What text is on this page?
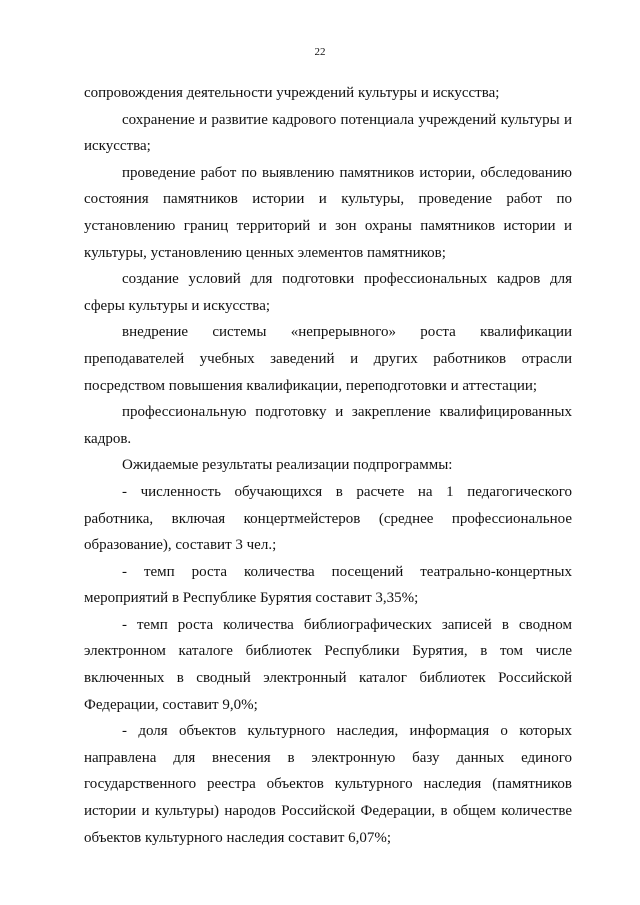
22

сопровождения деятельности учреждений культуры и искусства;

сохранение и развитие кадрового потенциала учреждений культуры и искусства;

проведение работ по выявлению памятников истории, обследованию состояния памятников истории и культуры, проведение работ по установлению границ территорий и зон охраны памятников истории и культуры, установлению ценных элементов памятников;

создание условий для подготовки профессиональных кадров для сферы культуры и искусства;

внедрение системы «непрерывного» роста квалификации преподавателей учебных заведений и других работников отрасли посредством повышения квалификации, переподготовки и аттестации;

профессиональную подготовку и закрепление квалифицированных кадров.

Ожидаемые результаты реализации подпрограммы:

- численность обучающихся в расчете на 1 педагогического работника, включая концертмейстеров (среднее профессиональное образование), составит 3 чел.;

- темп роста количества посещений театрально-концертных мероприятий в Республике Бурятия составит 3,35%;

- темп роста количества библиографических записей в сводном электронном каталоге библиотек Республики Бурятия, в том числе включенных в сводный электронный каталог библиотек Российской Федерации, составит 9,0%;

- доля объектов культурного наследия, информация о которых направлена для внесения в электронную базу данных единого государственного реестра объектов культурного наследия (памятников истории и культуры) народов Российской Федерации, в общем количестве объектов культурного наследия составит 6,07%;
